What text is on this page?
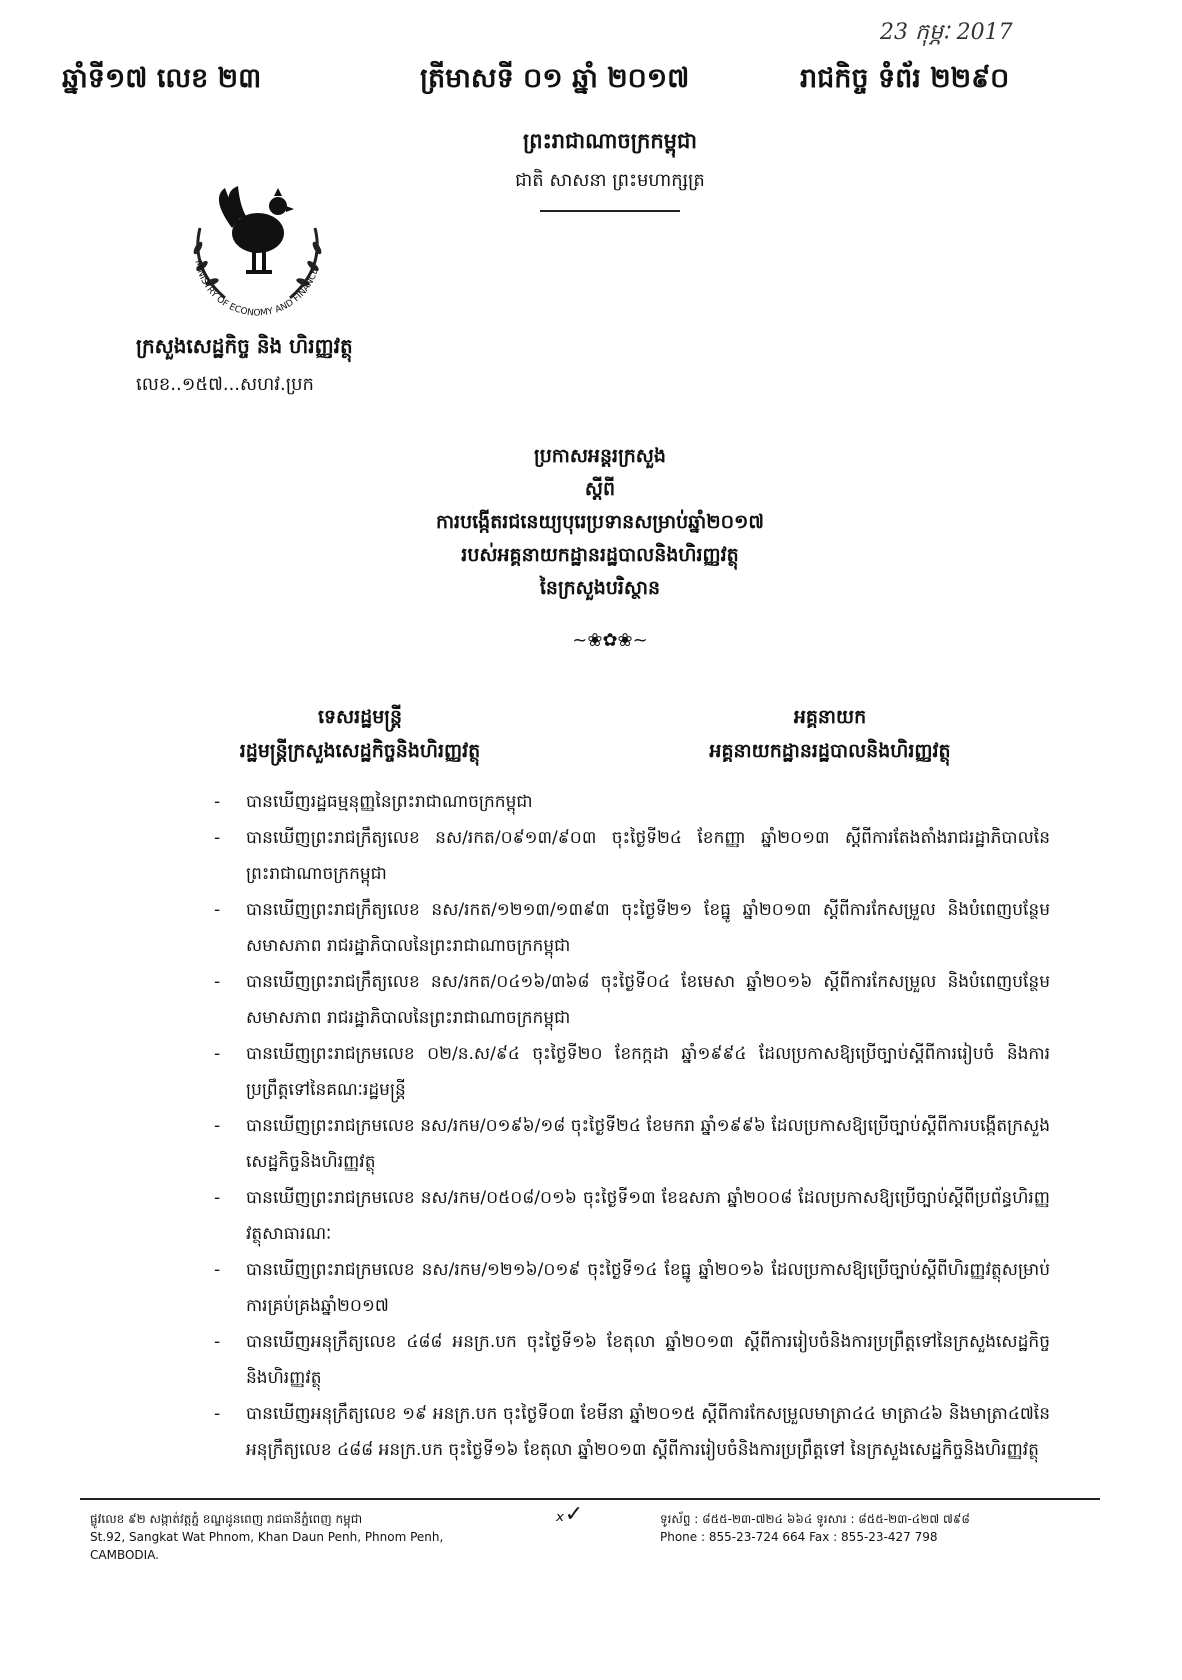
23 កុម្ភៈ 2017
ឆ្នាំទី១៧ លេខ ២៣	ត្រីមាសទី ០១ ឆ្នាំ ២០១៧	រាជកិច្ច ទំព័រ ២២៩០
ព្រះរាជាណាចក្រកម្ពុជា
ជាតិ សាសនា ព្រះមហាក្សត្រ
MINISTRY OF ECONOMY AND FINANCE
ក្រសួងសេដ្ឋកិច្ច និង ហិរញ្ញវត្ថុ
លេខ..១៥៧...សហវ.ប្រក
ប្រកាសអន្តរក្រសួង
ស្តីពី
ការបង្កើតរជនេយ្យបុរេប្រទានសម្រាប់ឆ្នាំ២០១៧
របស់អគ្គនាយកដ្ឋានរដ្ឋបាលនិងហិរញ្ញវត្ថុ
នៃក្រសួងបរិស្ថាន
~❀✿❀~
ទេសរដ្ឋមន្ត្រី
រដ្ឋមន្ត្រីក្រសួងសេដ្ឋកិច្ចនិងហិរញ្ញវត្ថុ
អគ្គនាយក
អគ្គនាយកដ្ឋានរដ្ឋបាលនិងហិរញ្ញវត្ថុ
- បានឃើញរដ្ឋធម្មនុញ្ញនៃព្រះរាជាណាចក្រកម្ពុជា
- បានឃើញព្រះរាជក្រឹត្យលេខ នស/រកត/០៩១៣/៩០៣ ចុះថ្ងៃទី២៤ ខែកញ្ញា ឆ្នាំ២០១៣ ស្តីពីការតែងតាំងរាជរដ្ឋាភិបាលនៃព្រះរាជាណាចក្រកម្ពុជា
- បានឃើញព្រះរាជក្រឹត្យលេខ នស/រកត/១២១៣/១៣៩៣ ចុះថ្ងៃទី២១ ខែធ្នូ ឆ្នាំ២០១៣ ស្តីពីការកែសម្រួល និងបំពេញបន្ថែម សមាសភាព រាជរដ្ឋាភិបាលនៃព្រះរាជាណាចក្រកម្ពុជា
- បានឃើញព្រះរាជក្រឹត្យលេខ នស/រកត/០៤១៦/៣៦៨ ចុះថ្ងៃទី០៤ ខែមេសា ឆ្នាំ២០១៦ ស្តីពីការកែសម្រួល និងបំពេញបន្ថែម សមាសភាព រាជរដ្ឋាភិបាលនៃព្រះរាជាណាចក្រកម្ពុជា
- បានឃើញព្រះរាជក្រមលេខ ០២/ន.ស/៩៤ ចុះថ្ងៃទី២០ ខែកក្កដា ឆ្នាំ១៩៩៤ ដែលប្រកាសឱ្យប្រើច្បាប់ស្តីពីការរៀបចំ និងការប្រព្រឹត្តទៅនៃគណៈរដ្ឋមន្ត្រី
- បានឃើញព្រះរាជក្រមលេខ នស/រកម/០១៩៦/១៨ ចុះថ្ងៃទី២៤ ខែមករា ឆ្នាំ១៩៩៦ ដែលប្រកាសឱ្យប្រើច្បាប់ស្តីពីការបង្កើតក្រសួងសេដ្ឋកិច្ចនិងហិរញ្ញវត្ថុ
- បានឃើញព្រះរាជក្រមលេខ នស/រកម/០៥០៨/០១៦ ចុះថ្ងៃទី១៣ ខែឧសភា ឆ្នាំ២០០៨ ដែលប្រកាសឱ្យប្រើច្បាប់ស្តីពីប្រព័ន្ធហិរញ្ញវត្ថុសាធារណៈ
- បានឃើញព្រះរាជក្រមលេខ នស/រកម/១២១៦/០១៩ ចុះថ្ងៃទី១៤ ខែធ្នូ ឆ្នាំ២០១៦ ដែលប្រកាសឱ្យប្រើច្បាប់ស្តីពីហិរញ្ញវត្ថុសម្រាប់ការគ្រប់គ្រងឆ្នាំ២០១៧
- បានឃើញអនុក្រឹត្យលេខ ៤៨៨ អនក្រ.បក ចុះថ្ងៃទី១៦ ខែតុលា ឆ្នាំ២០១៣ ស្តីពីការរៀបចំនិងការប្រព្រឹត្តទៅនៃក្រសួងសេដ្ឋកិច្ចនិងហិរញ្ញវត្ថុ
- បានឃើញអនុក្រឹត្យលេខ ១៩ អនក្រ.បក ចុះថ្ងៃទី០៣ ខែមីនា ឆ្នាំ២០១៥ ស្តីពីការកែសម្រួលមាត្រា៤៤ មាត្រា៤៦ និងមាត្រា៤៧នៃអនុក្រឹត្យលេខ ៤៨៨ អនក្រ.បក ចុះថ្ងៃទី១៦ ខែតុលា ឆ្នាំ២០១៣ ស្តីពីការរៀបចំនិងការប្រព្រឹត្តទៅ នៃក្រសួងសេដ្ឋកិច្ចនិងហិរញ្ញវត្ថុ
ផ្លូវលេខ ៩២ សង្កាត់វត្តភ្នំ ខណ្ឌដូនពេញ រាជធានីភ្នំពេញ កម្ពុជា
St.92, Sangkat Wat Phnom, Khan Daun Penh, Phnom Penh, CAMBODIA.
ₓ✓	ទូរស័ព្ទ : ៨៥៥-២៣-៧២៤ ៦៦៤ ទូរសារ : ៨៥៥-២៣-៤២៧ ៧៩៨
Phone : 855-23-724 664 Fax : 855-23-427 798
